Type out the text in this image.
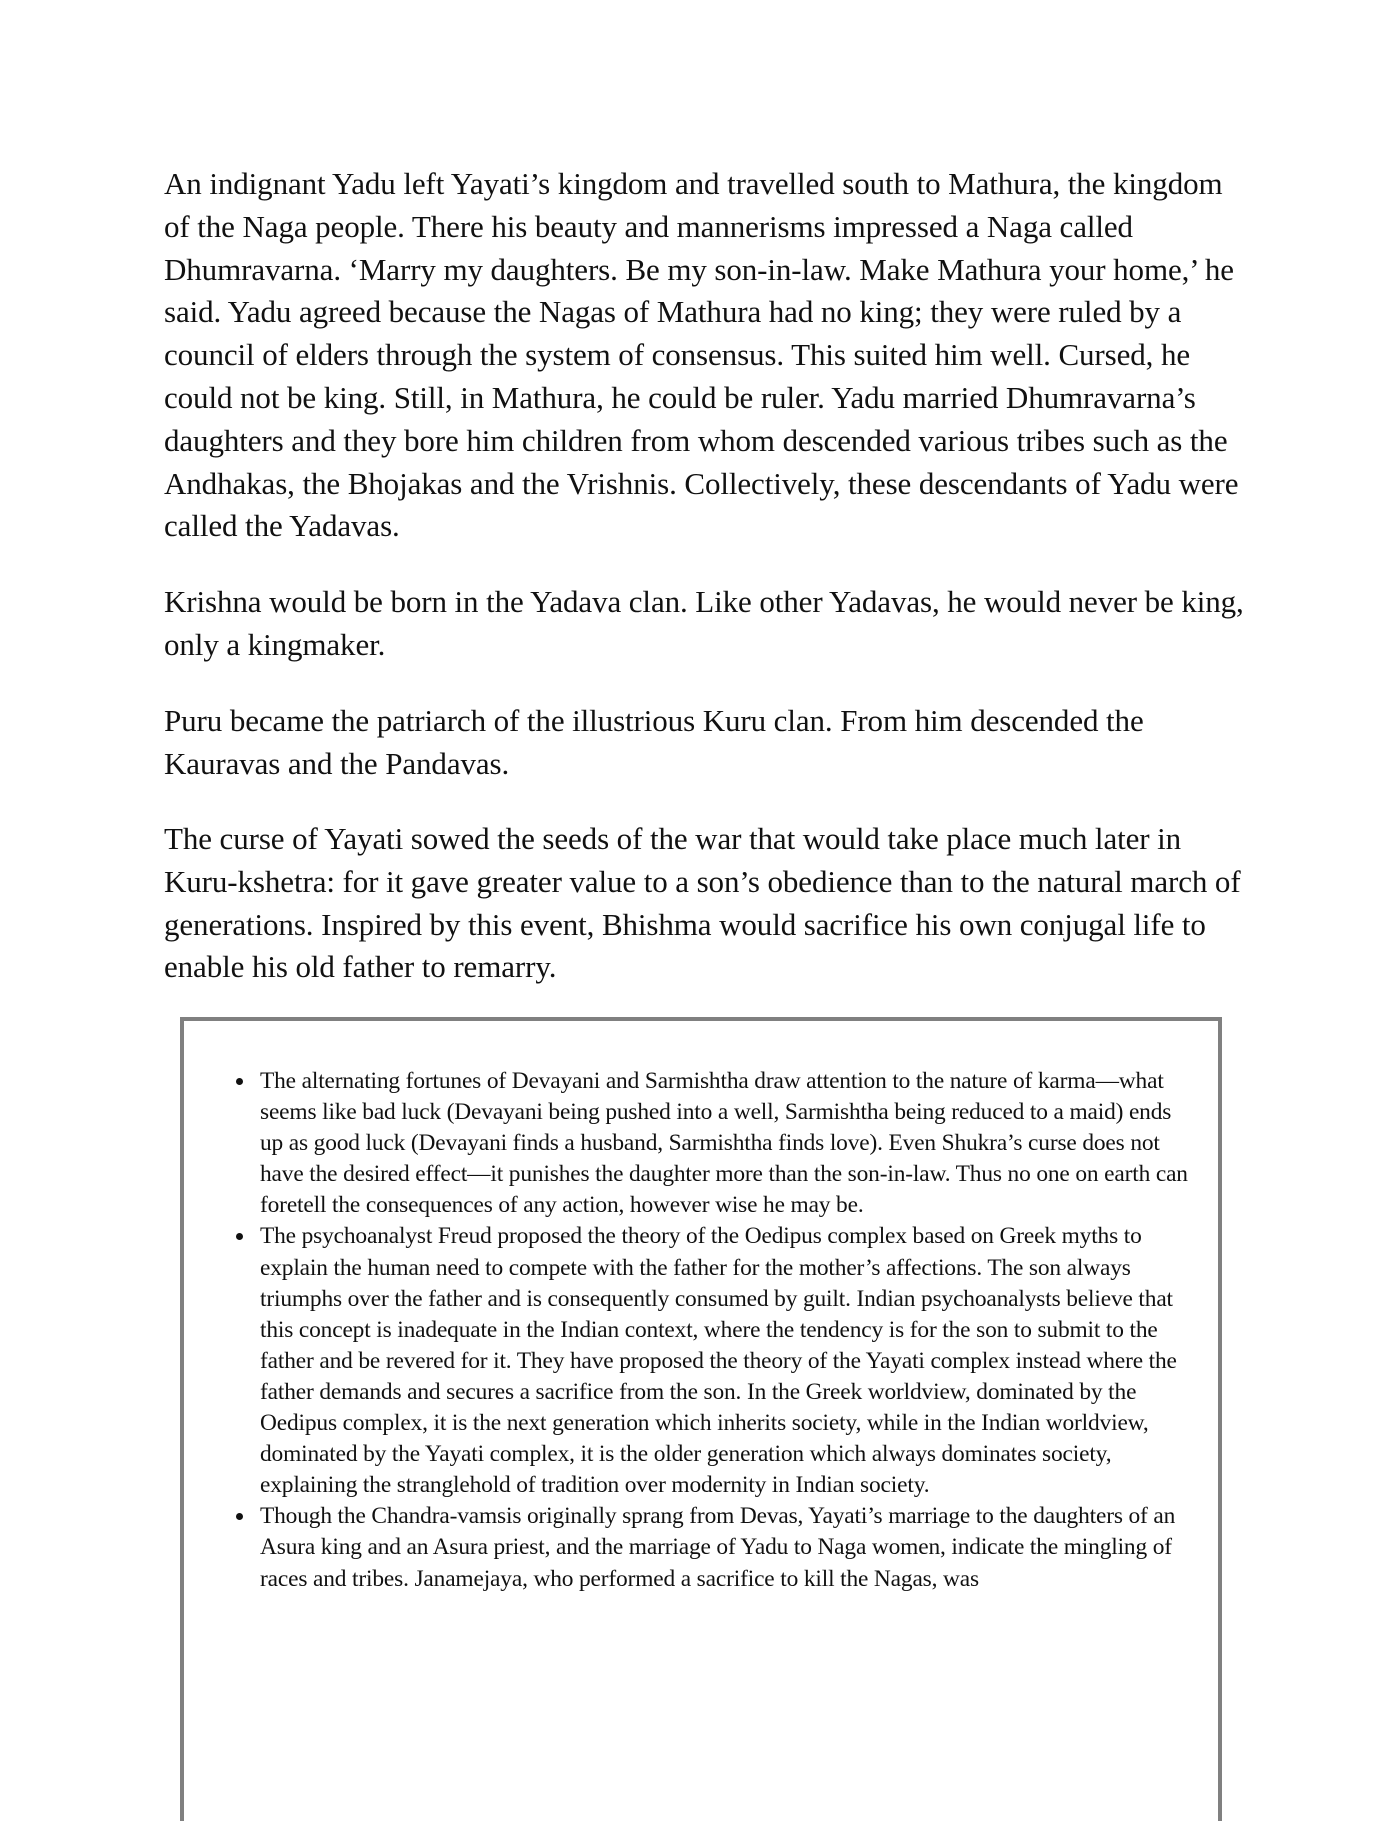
An indignant Yadu left Yayati’s kingdom and travelled south to Mathura, the kingdom of the Naga people. There his beauty and mannerisms impressed a Naga called Dhumravarna. ‘Marry my daughters. Be my son-in-law. Make Mathura your home,’ he said. Yadu agreed because the Nagas of Mathura had no king; they were ruled by a council of elders through the system of consensus. This suited him well. Cursed, he could not be king. Still, in Mathura, he could be ruler. Yadu married Dhumravarna’s daughters and they bore him children from whom descended various tribes such as the Andhakas, the Bhojakas and the Vrishnis. Collectively, these descendants of Yadu were called the Yadavas.

Krishna would be born in the Yadava clan. Like other Yadavas, he would never be king, only a kingmaker.

Puru became the patriarch of the illustrious Kuru clan. From him descended the Kauravas and the Pandavas.

The curse of Yayati sowed the seeds of the war that would take place much later in Kuru-kshetra: for it gave greater value to a son’s obedience than to the natural march of generations. Inspired by this event, Bhishma would sacrifice his own conjugal life to enable his old father to remarry.

The alternating fortunes of Devayani and Sarmishtha draw attention to the nature of karma—what seems like bad luck (Devayani being pushed into a well, Sarmishtha being reduced to a maid) ends up as good luck (Devayani finds a husband, Sarmishtha finds love). Even Shukra’s curse does not have the desired effect—it punishes the daughter more than the son-in-law. Thus no one on earth can foretell the consequences of any action, however wise he may be.
The psychoanalyst Freud proposed the theory of the Oedipus complex based on Greek myths to explain the human need to compete with the father for the mother’s affections. The son always triumphs over the father and is consequently consumed by guilt. Indian psychoanalysts believe that this concept is inadequate in the Indian context, where the tendency is for the son to submit to the father and be revered for it. They have proposed the theory of the Yayati complex instead where the father demands and secures a sacrifice from the son. In the Greek worldview, dominated by the Oedipus complex, it is the next generation which inherits society, while in the Indian worldview, dominated by the Yayati complex, it is the older generation which always dominates society, explaining the stranglehold of tradition over modernity in Indian society.
Though the Chandra-vamsis originally sprang from Devas, Yayati’s marriage to the daughters of an Asura king and an Asura priest, and the marriage of Yadu to Naga women, indicate the mingling of races and tribes. Janamejaya, who performed a sacrifice to kill the Nagas, was
